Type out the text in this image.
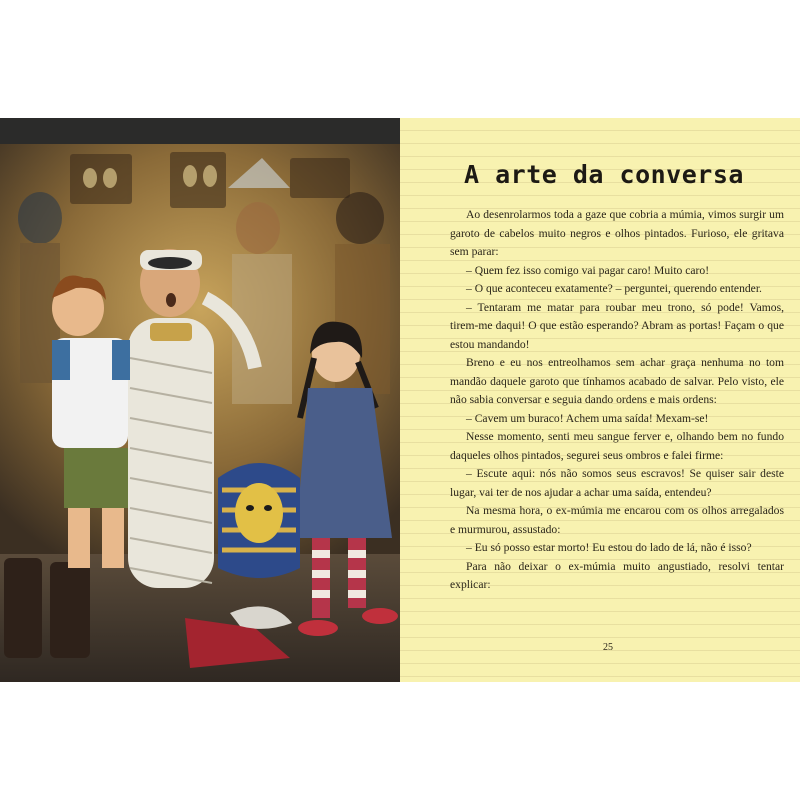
A arte da conversa

Ao desenrolarmos toda a gaze que cobria a múmia, vimos surgir um garoto de cabelos muito negros e olhos pintados. Furioso, ele gritava sem parar:

– Quem fez isso comigo vai pagar caro! Muito caro!

– O que aconteceu exatamente? – perguntei, querendo entender.

– Tentaram me matar para roubar meu trono, só pode! Vamos, tirem-me daqui! O que estão esperando? Abram as portas! Façam o que estou mandando!

Breno e eu nos entreolhamos sem achar graça nenhuma no tom mandão daquele garoto que tínhamos acabado de salvar. Pelo visto, ele não sabia conversar e seguia dando ordens e mais ordens:

– Cavem um buraco! Achem uma saída! Mexam-se!

Nesse momento, senti meu sangue ferver e, olhando bem no fundo daqueles olhos pintados, segurei seus ombros e falei firme:

– Escute aqui: nós não somos seus escravos! Se quiser sair deste lugar, vai ter de nos ajudar a achar uma saída, entendeu?

Na mesma hora, o ex-múmia me encarou com os olhos arregalados e murmurou, assustado:

– Eu só posso estar morto! Eu estou do lado de lá, não é isso?

Para não deixar o ex-múmia muito angustiado, resolvi tentar explicar:

25
